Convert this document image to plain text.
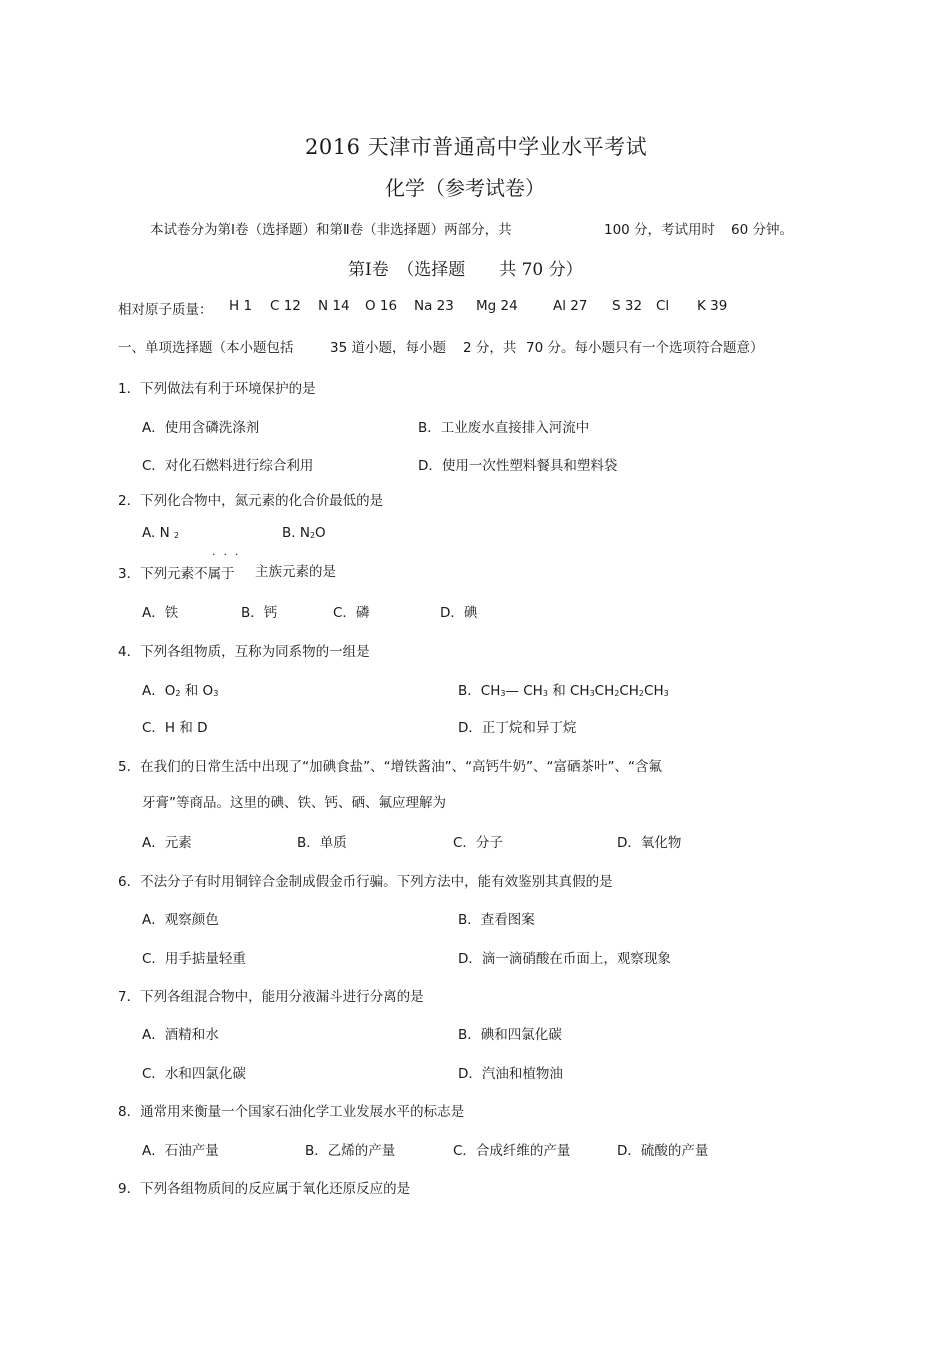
2016 天津市普通高中学业水平考试
化学（参考试卷）
本试卷分为第Ⅰ卷（选择题）和第Ⅱ卷（非选择题）两部分，共	100 分，考试用时 60 分钟。
第Ⅰ卷　（选择题　　共 70 分）
相对原子质量： H 1 C 12 N 14 O 16 Na 23 Mg 24	Al 27 S 32 Cl K 39
一、单项选择题（本小题包括	35 道小题，每小题 2 分，共 70 分。每小题只有一个选项符合题意）
1．下列做法有利于环境保护的是
A．使用含磷洗涤剂	B．工业废水直接排入河流中
C．对化石燃料进行综合利用	D．使用一次性塑料餐具和塑料袋
2．下列化合物中，氮元素的化合价最低的是
A. N $_2$	B. $N_2O$
...
3．下列元素不属于 主族元素的是
A．铁	B．钙	C．磷	D．碘
4．下列各组物质，互称为同系物的一组是
A．$O_2$ 和 $O_3$	B．$CH_3—$ $CH_3$ 和 $CH_3CH_2CH_2CH_3$
C．H 和 D	D．正丁烷和异丁烷
5．在我们的日常生活中出现了“加碘食盐”、“增铁酱油”、“高钙牛奶”、“富硒茶叶”、“含氟
牙膏”等商品。这里的碘、铁、钙、硒、氟应理解为
A．元素	B．单质	C．分子	D．氧化物
6．不法分子有时用铜锌合金制成假金币行骗。下列方法中，能有效鉴别其真假的是
A．观察颜色	B．查看图案
C．用手掂量轻重	D．滴一滴硝酸在币面上，观察现象
7．下列各组混合物中，能用分液漏斗进行分离的是
A．酒精和水	B．碘和四氯化碳
C．水和四氯化碳	D．汽油和植物油
8．通常用来衡量一个国家石油化学工业发展水平的标志是
A．石油产量	B．乙烯的产量	C．合成纤维的产量	D．硫酸的产量
9．下列各组物质间的反应属于氧化还原反应的是
